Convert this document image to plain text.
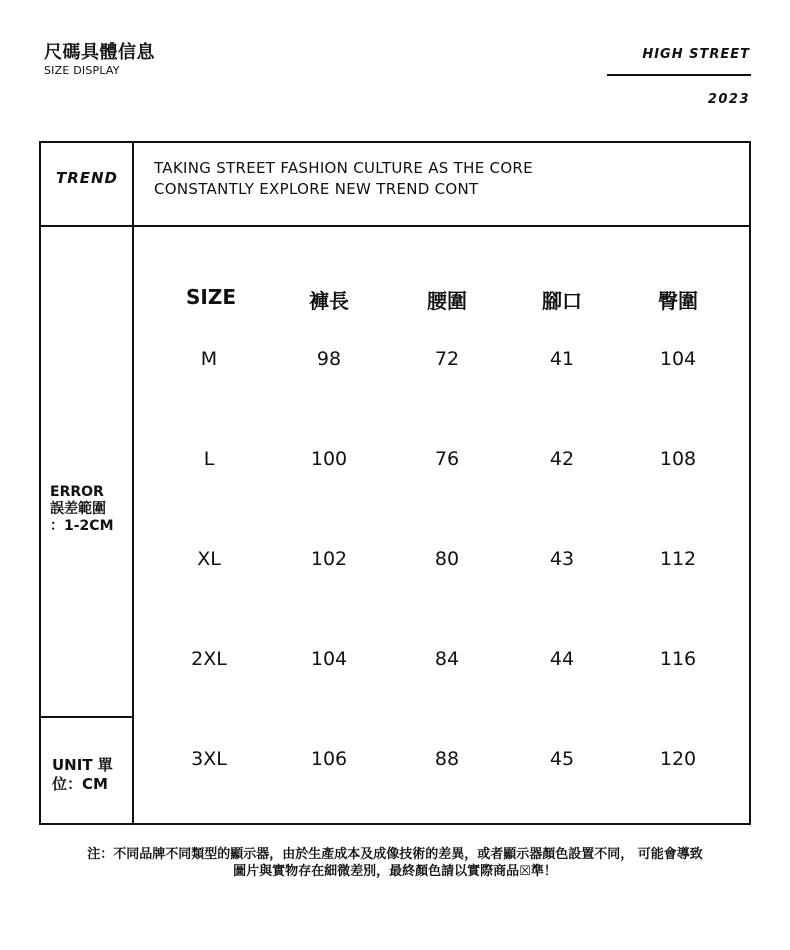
尺碼具體信息
SIZE DISPLAY
HIGH STREET
2023
TREND
TAKING STREET FASHION CULTURE AS THE CORE
CONSTANTLY EXPLORE NEW TREND CONT
ERROR
誤差範圍
：1-2CM
UNIT 單
位：CM
SIZE	褲長	腰圍	腳口	臀圍
M	98	72	41	104
L	100	76	42	108
XL	102	80	43	112
2XL	104	84	44	116
3XL	106	88	45	120
注：不同品牌不同類型的顯示器，由於生產成本及成像技術的差異，或者顯示器顏色設置不同， 可能會導致
圖片與實物存在細微差別，最終顏色請以實際商品☒準！
